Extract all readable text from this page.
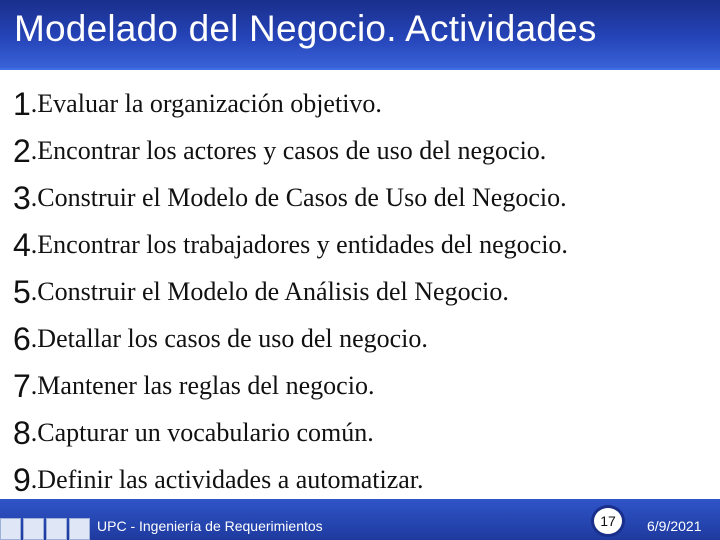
Modelado del Negocio. Actividades
1 . Evaluar la organización objetivo.
2 . Encontrar los actores y casos de uso del negocio.
3 . Construir el Modelo de Casos de Uso del Negocio.
4 . Encontrar los trabajadores y entidades del negocio.
5 . Construir el Modelo de Análisis del Negocio.
6 . Detallar los casos de uso del negocio.
7 . Mantener las reglas del negocio.
8 . Capturar un vocabulario común.
9 . Definir las actividades a automatizar.
UPC - Ingeniería de Requerimientos	17 6/9/2021
